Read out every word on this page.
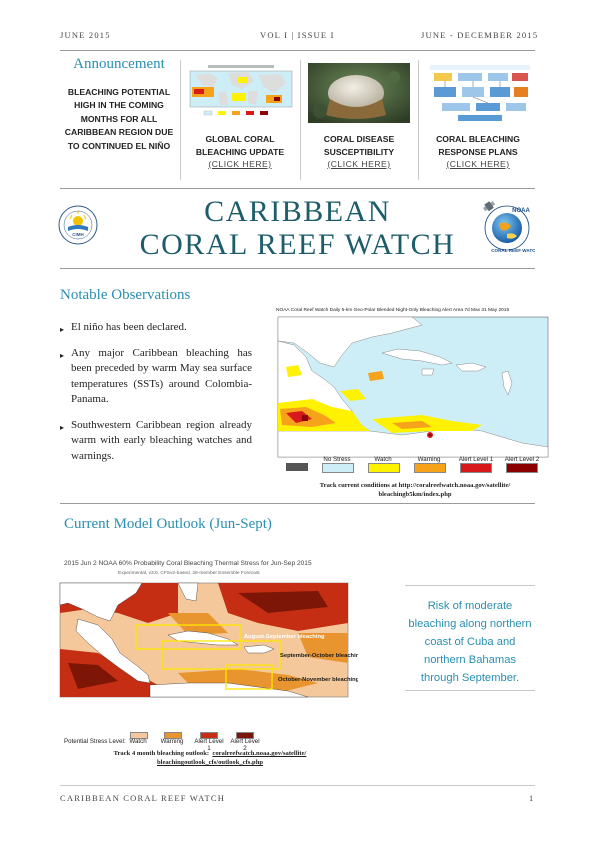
JUNE 2015	VOL I | ISSUE I	JUNE - DECEMBER 2015
Announcement
BLEACHING POTENTIAL HIGH IN THE COMING MONTHS FOR ALL CARIBBEAN REGION DUE TO CONTINUED EL NIÑO
GLOBAL CORAL
BLEACHING UPDATE
(CLICK HERE)
CORAL DISEASE
SUSCEPTIBILITY
(CLICK HERE)
CORAL BLEACHING
RESPONSE PLANS
(CLICK HERE)
CIMH
CARIBBEAN
CORAL REEF WATCH
NOAA
CORAL REEF WATCH
Notable Observations
▸ El niño has been declared.
▸ Any major Caribbean bleaching has been preceded by warm May sea surface temperatures (SSTs) around Colombia-Panama.
▸ Southwestern Caribbean region already warm with early bleaching watches and warnings.
NOAA Coral Reef Watch Daily 5-km Geo-Polar Blended Night-Only Bleaching Alert Area 7d Max 31 May 2015
No Stress	Watch	Warning	Alert Level 1	Alert Level 2
Track current conditions at http://coralreefwatch.noaa.gov/satellite/
bleachingb5km/index.php
Current Model Outlook (Jun-Sept)
2015 Jun 2 NOAA 60% Probability Coral Bleaching Thermal Stress for Jun-Sep 2015
Experimental, v3.0, CFSv2-based, 28-member Ensemble Forecast
August-September bleaching
September-October bleaching
October-November bleaching
Potential Stress Level: Watch	Warning	Alert Level 1
Alert Level 2
Track 4 month bleaching outlook: coralreefwatch.noaa.gov/satellite/
bleachingoutlook_cfs/outlook_cfs.php
Risk of moderate bleaching along northern coast of Cuba and northern Bahamas through September.
CARIBBEAN CORAL REEF WATCH	1
